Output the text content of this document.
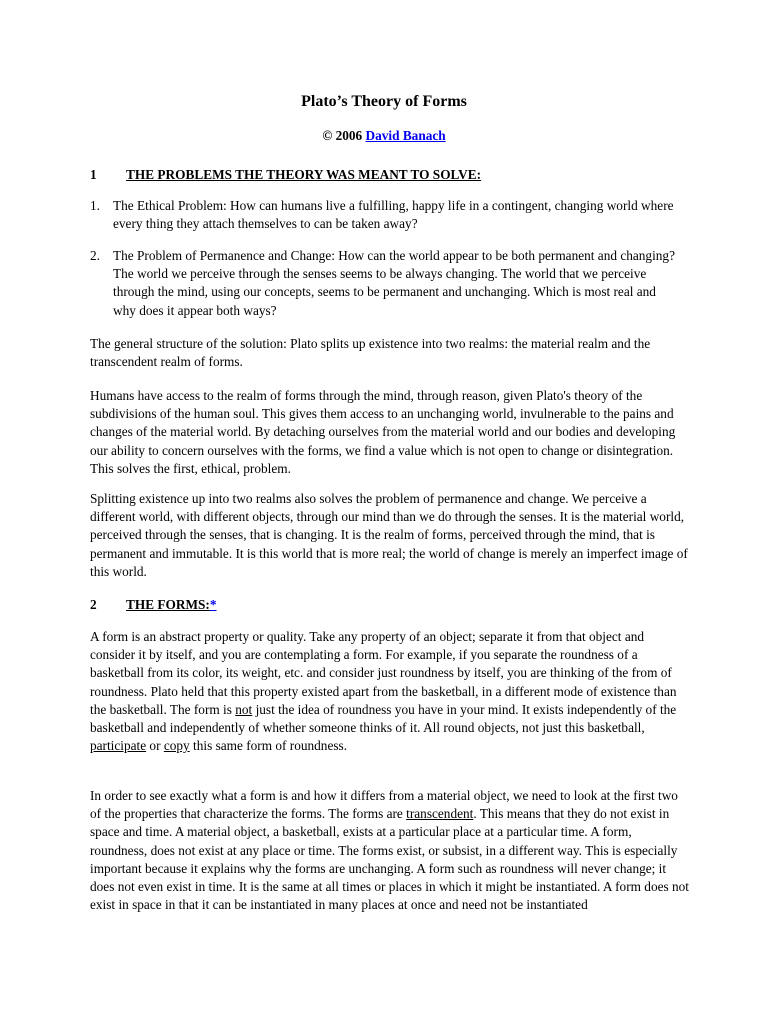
Plato’s Theory of Forms

© 2006 David Banach

1 THE PROBLEMS THE THEORY WAS MEANT TO SOLVE:

1. The Ethical Problem: How can humans live a fulfilling, happy life in a contingent, changing world where every thing they attach themselves to can be taken away?

2. The Problem of Permanence and Change: How can the world appear to be both permanent and changing? The world we perceive through the senses seems to be always changing. The world that we perceive through the mind, using our concepts, seems to be permanent and unchanging. Which is most real and why does it appear both ways?

The general structure of the solution: Plato splits up existence into two realms: the material realm and the transcendent realm of forms.

Humans have access to the realm of forms through the mind, through reason, given Plato's theory of the subdivisions of the human soul. This gives them access to an unchanging world, invulnerable to the pains and changes of the material world. By detaching ourselves from the material world and our bodies and developing our ability to concern ourselves with the forms, we find a value which is not open to change or disintegration. This solves the first, ethical, problem.

Splitting existence up into two realms also solves the problem of permanence and change. We perceive a different world, with different objects, through our mind than we do through the senses. It is the material world, perceived through the senses, that is changing. It is the realm of forms, perceived through the mind, that is permanent and immutable. It is this world that is more real; the world of change is merely an imperfect image of this world.

2 THE FORMS:*

A form is an abstract property or quality. Take any property of an object; separate it from that object and consider it by itself, and you are contemplating a form. For example, if you separate the roundness of a basketball from its color, its weight, etc. and consider just roundness by itself, you are thinking of the from of roundness. Plato held that this property existed apart from the basketball, in a different mode of existence than the basketball. The form is not just the idea of roundness you have in your mind. It exists independently of the basketball and independently of whether someone thinks of it. All round objects, not just this basketball, participate or copy this same form of roundness.

In order to see exactly what a form is and how it differs from a material object, we need to look at the first two of the properties that characterize the forms. The forms are transcendent. This means that they do not exist in space and time. A material object, a basketball, exists at a particular place at a particular time. A form, roundness, does not exist at any place or time. The forms exist, or subsist, in a different way. This is especially important because it explains why the forms are unchanging. A form such as roundness will never change; it does not even exist in time. It is the same at all times or places in which it might be instantiated. A form does not exist in space in that it can be instantiated in many places at once and need not be instantiated
